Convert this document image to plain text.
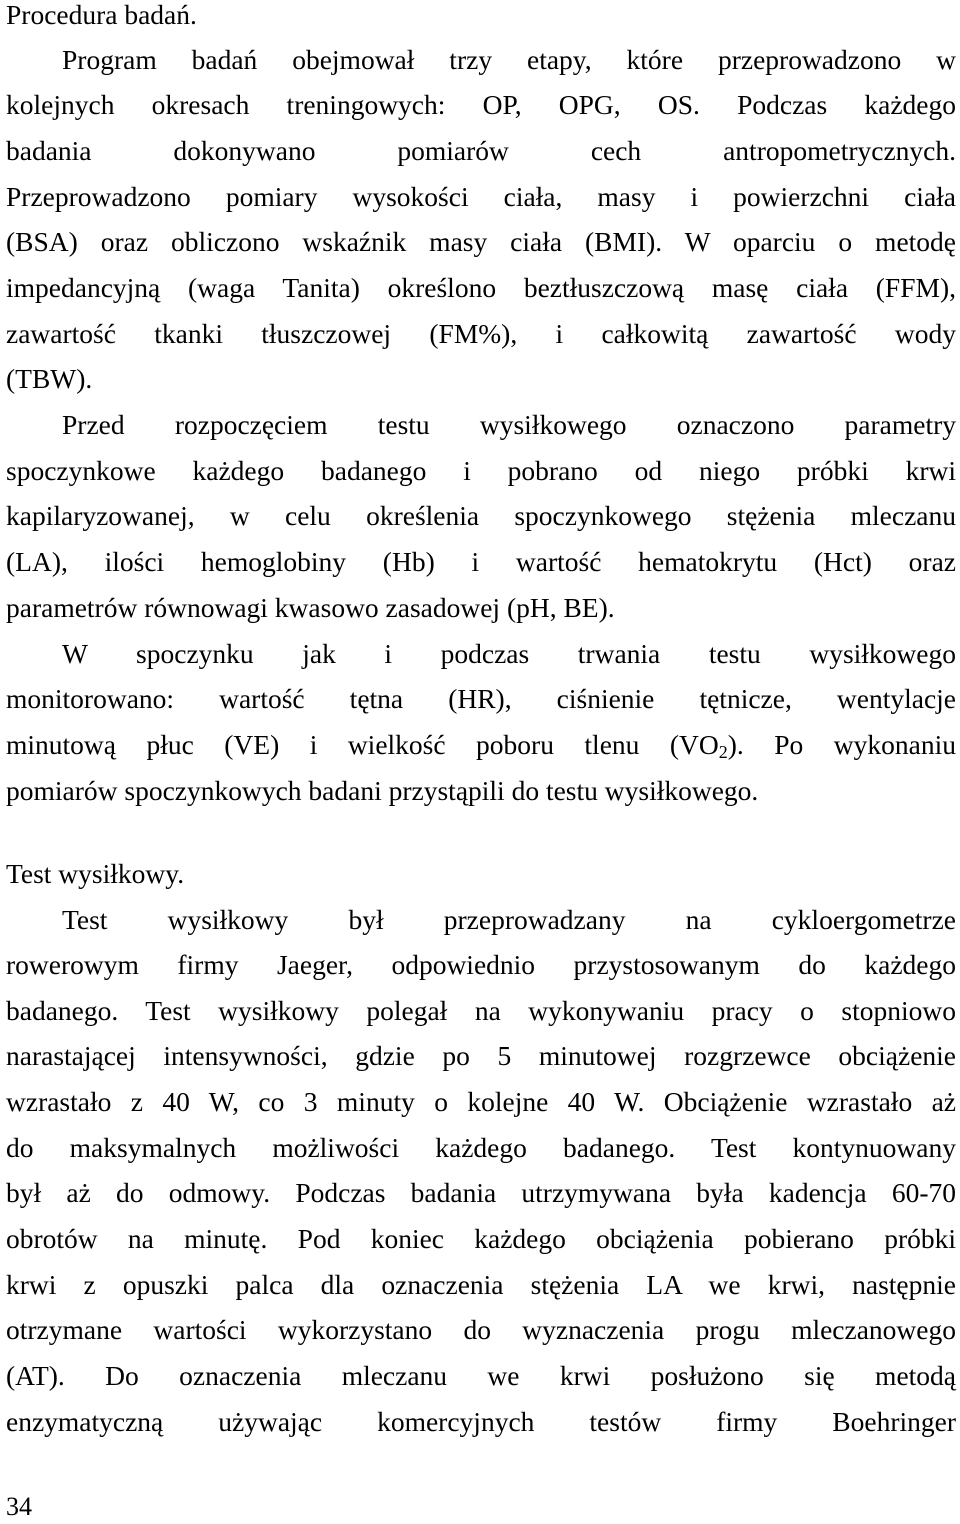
Procedura badań.
Program badań obejmował trzy etapy, które przeprowadzono w
kolejnych okresach treningowych: OP, OPG, OS. Podczas każdego
badania dokonywano pomiarów cech antropometrycznych.
Przeprowadzono pomiary wysokości ciała, masy i powierzchni ciała
(BSA) oraz obliczono wskaźnik masy ciała (BMI). W oparciu o metodę
impedancyjną (waga Tanita) określono beztłuszczową masę ciała (FFM),
zawartość tkanki tłuszczowej (FM%), i całkowitą zawartość wody
(TBW).
Przed rozpoczęciem testu wysiłkowego oznaczono parametry
spoczynkowe każdego badanego i pobrano od niego próbki krwi
kapilaryzowanej, w celu określenia spoczynkowego stężenia mleczanu
(LA), ilości hemoglobiny (Hb) i wartość hematokrytu (Hct) oraz
parametrów równowagi kwasowo zasadowej (pH, BE).
W spoczynku jak i podczas trwania testu wysiłkowego
monitorowano: wartość tętna (HR), ciśnienie tętnicze, wentylacje
minutową płuc (VE) i wielkość poboru tlenu $(VO_2)$. Po wykonaniu
pomiarów spoczynkowych badani przystąpili do testu wysiłkowego.
Test wysiłkowy.
Test wysiłkowy był przeprowadzany na cykloergometrze
rowerowym firmy Jaeger, odpowiednio przystosowanym do każdego
badanego. Test wysiłkowy polegał na wykonywaniu pracy o stopniowo
narastającej intensywności, gdzie po 5 minutowej rozgrzewce obciążenie
wzrastało z 40 W, co 3 minuty o kolejne 40 W. Obciążenie wzrastało aż
do maksymalnych możliwości każdego badanego. Test kontynuowany
był aż do odmowy. Podczas badania utrzymywana była kadencja 60-70
obrotów na minutę. Pod koniec każdego obciążenia pobierano próbki
krwi z opuszki palca dla oznaczenia stężenia LA we krwi, następnie
otrzymane wartości wykorzystano do wyznaczenia progu mleczanowego
(AT). Do oznaczenia mleczanu we krwi posłużono się metodą
enzymatyczną używając komercyjnych testów firmy Boehringer
34
